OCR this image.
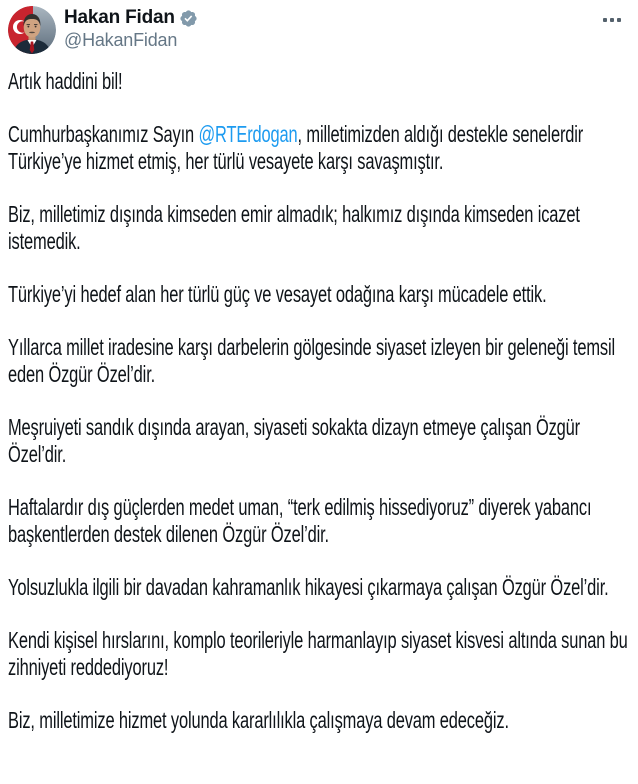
Hakan Fidan
@HakanFidan

Artık haddini bil!

Cumhurbaşkanımız Sayın @RTErdogan, milletimizden aldığı destekle senelerdir Türkiye’ye hizmet etmiş, her türlü vesayete karşı savaşmıştır.

Biz, milletimiz dışında kimseden emir almadık; halkımız dışında kimseden icazet istemedik.

Türkiye’yi hedef alan her türlü güç ve vesayet odağına karşı mücadele ettik.

Yıllarca millet iradesine karşı darbelerin gölgesinde siyaset izleyen bir geleneği temsil eden Özgür Özel’dir.

Meşruiyeti sandık dışında arayan, siyaseti sokakta dizayn etmeye çalışan Özgür Özel’dir.

Haftalardır dış güçlerden medet uman, “terk edilmiş hissediyoruz” diyerek yabancı başkentlerden destek dilenen Özgür Özel’dir.

Yolsuzlukla ilgili bir davadan kahramanlık hikayesi çıkarmaya çalışan Özgür Özel’dir.

Kendi kişisel hırslarını, komplo teorileriyle harmanlayıp siyaset kisvesi altında sunan bu zihniyeti reddediyoruz!

Biz, milletimize hizmet yolunda kararlılıkla çalışmaya devam edeceğiz.
